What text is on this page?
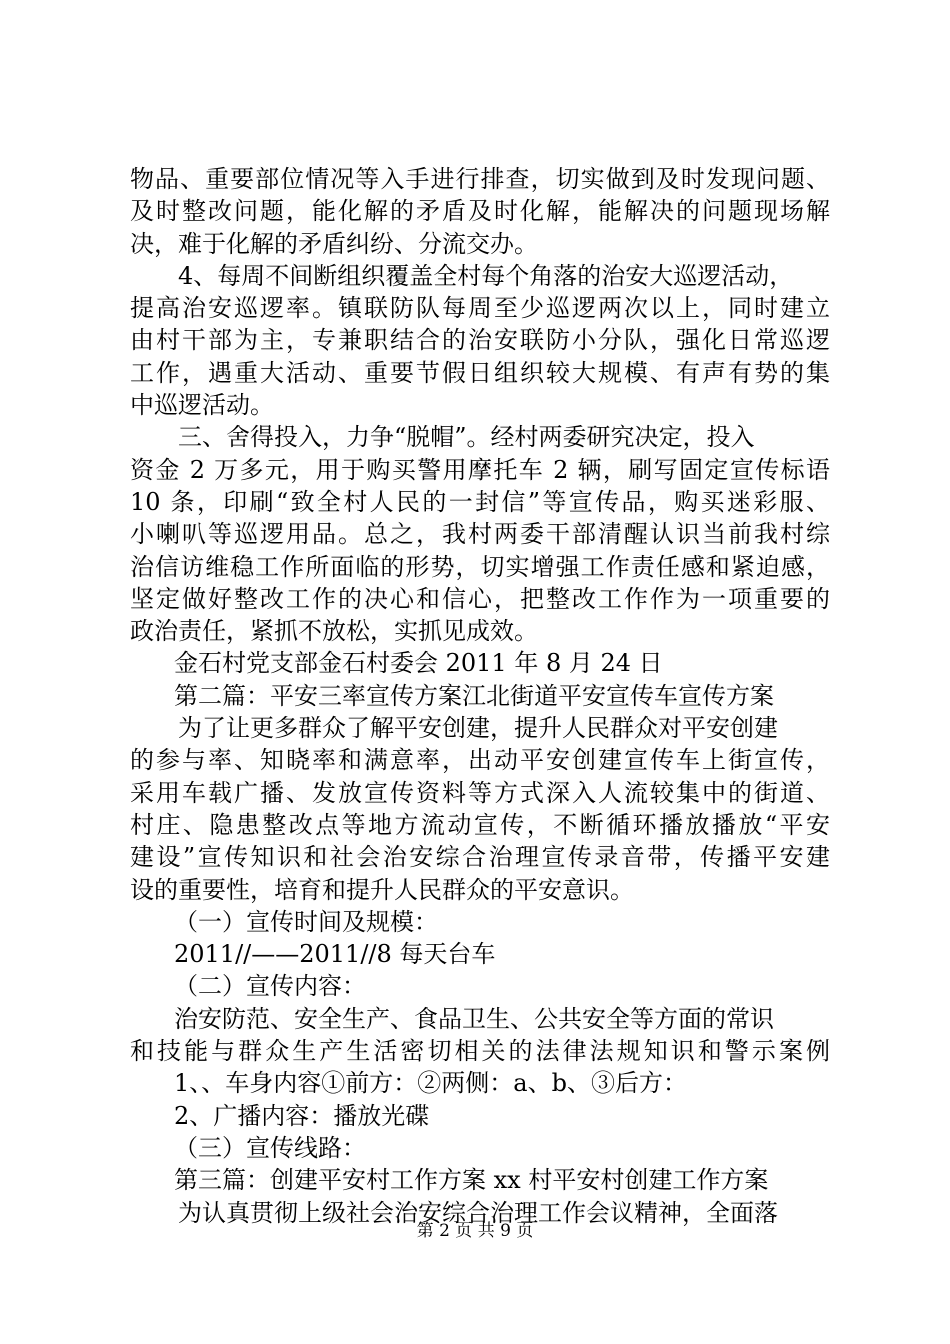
物品、重要部位情况等入手进行排查，切实做到及时发现问题、
及时整改问题，能化解的矛盾及时化解，能解决的问题现场解
决，难于化解的矛盾纠纷、分流交办。
4、每周不间断组织覆盖全村每个角落的治安大巡逻活动，
提高治安巡逻率。镇联防队每周至少巡逻两次以上，同时建立
由村干部为主，专兼职结合的治安联防小分队，强化日常巡逻
工作，遇重大活动、重要节假日组织较大规模、有声有势的集
中巡逻活动。
三、舍得投入，力争“脱帽”。经村两委研究决定，投入
资金 2 万多元，用于购买警用摩托车 2 辆，刷写固定宣传标语
10 条，印刷“致全村人民的一封信”等宣传品，购买迷彩服、
小喇叭等巡逻用品。总之，我村两委干部清醒认识当前我村综
治信访维稳工作所面临的形势，切实增强工作责任感和紧迫感，
坚定做好整改工作的决心和信心，把整改工作作为一项重要的
政治责任，紧抓不放松，实抓见成效。
金石村党支部金石村委会 2011 年 8 月 24 日
第二篇：平安三率宣传方案江北街道平安宣传车宣传方案
为了让更多群众了解平安创建，提升人民群众对平安创建
的参与率、知晓率和满意率，出动平安创建宣传车上街宣传，
采用车载广播、发放宣传资料等方式深入人流较集中的街道、
村庄、隐患整改点等地方流动宣传，不断循环播放播放“平安
建设”宣传知识和社会治安综合治理宣传录音带，传播平安建
设的重要性，培育和提升人民群众的平安意识。
（一）宣传时间及规模：
2011//——2011//8 每天台车
（二）宣传内容：
治安防范、安全生产、食品卫生、公共安全等方面的常识
和技能与群众生产生活密切相关的法律法规知识和警示案例
1、、车身内容①前方：②两侧：a、b、③后方：
2、广播内容：播放光碟
（三）宣传线路：
第三篇：创建平安村工作方案 xx 村平安村创建工作方案
为认真贯彻上级社会治安综合治理工作会议精神，全面落
第 2 页 共 9 页
